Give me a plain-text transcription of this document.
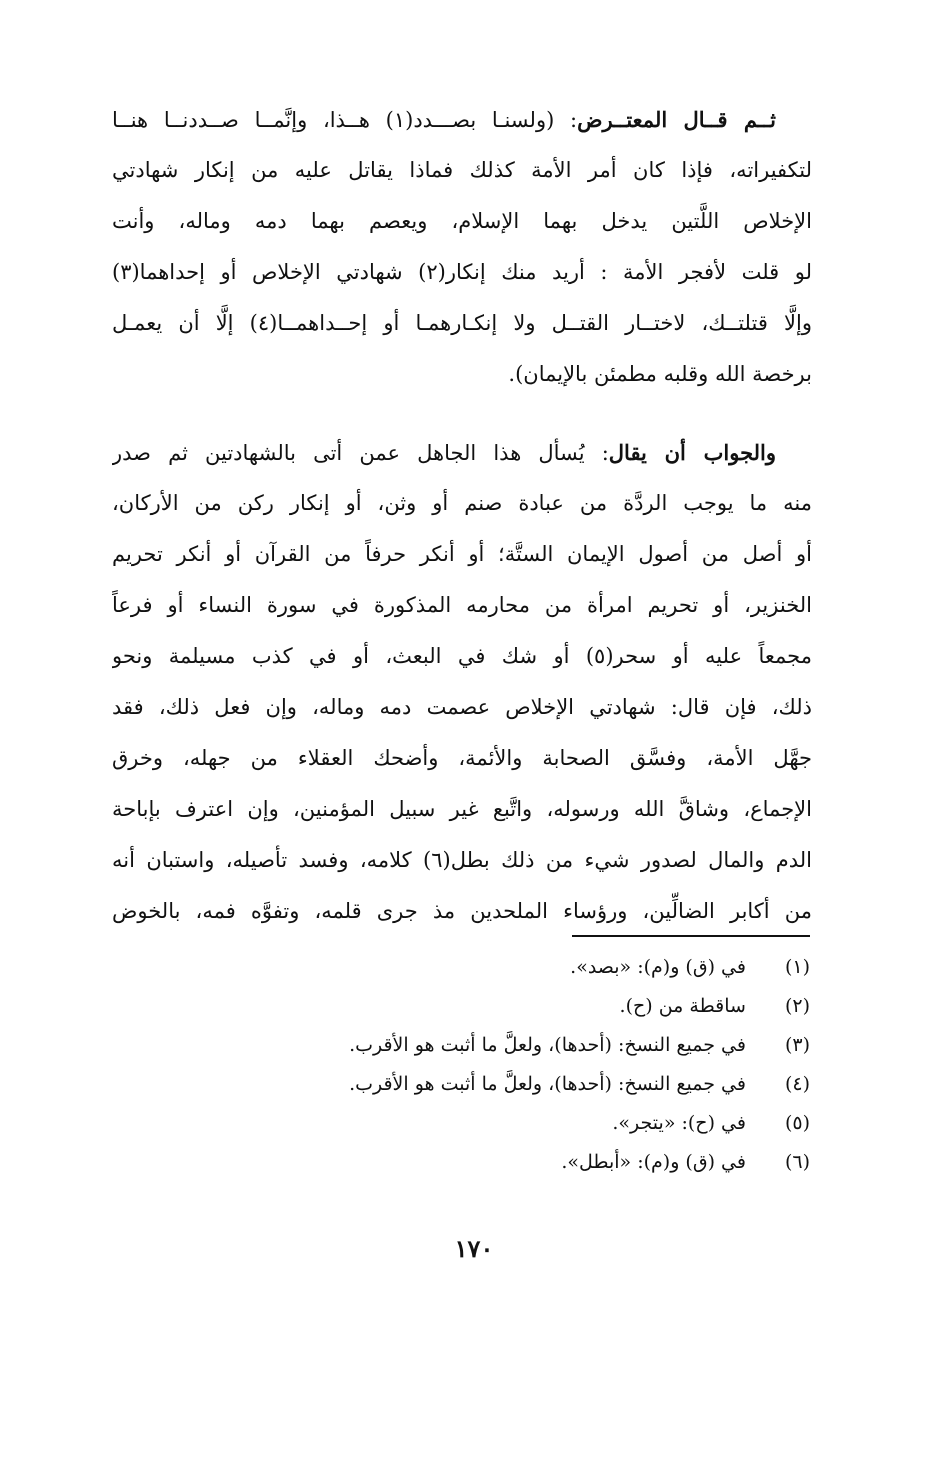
ثــم قــال المعتــرض: (ولسنـا بصـــدد(١) هــذا، وإنَّمــا صــددنــا هنــا
لتكفيراته، فإذا كان أمر الأمة كذلك فماذا يقاتل عليه من إنكار شهادتي
الإخلاص اللَّتين يدخل بهما الإسلام، ويعصم بهما دمه وماله، وأنت
لو قلت لأفجر الأمة : أريد منك إنكار(٢) شهادتي الإخلاص أو إحداهما(٣)
وإلَّا قتلتــك، لاختــار القتــل ولا إنكـارهمـا أو إحــداهمــا(٤) إلَّا أن يعمـل
برخصة الله وقلبه مطمئن بالإيمان).
والجواب أن يقال: يُسأل هذا الجاهل عمن أتى بالشهادتين ثم صدر
منه ما يوجب الردَّة من عبادة صنم أو وثن، أو إنكار ركن من الأركان،
أو أصل من أصول الإيمان الستَّة؛ أو أنكر حرفاً من القرآن أو أنكر تحريم
الخنزير، أو تحريم امرأة من محارمه المذكورة في سورة النساء أو فرعاً
مجمعاً عليه أو سحر(٥) أو شك في البعث، أو في كذب مسيلمة ونحو
ذلك، فإن قال: شهادتي الإخلاص عصمت دمه وماله، وإن فعل ذلك، فقد
جهَّل الأمة، وفسَّق الصحابة والأئمة، وأضحك العقلاء من جهله، وخرق
الإجماع، وشاقَّ الله ورسوله، واتَّبع غير سبيل المؤمنين، وإن اعترف بإباحة
الدم والمال لصدور شيء من ذلك بطل(٦) كلامه، وفسد تأصيله، واستبان أنه
من أكابر الضالِّين، ورؤساء الملحدين مذ جرى قلمه، وتفوَّه فمه، بالخوض
(١) في (ق) و(م): «بصد».
(٢) ساقطة من (ح).
(٣) في جميع النسخ: (أحدها)، ولعلَّ ما أثبت هو الأقرب.
(٤) في جميع النسخ: (أحدها)، ولعلَّ ما أثبت هو الأقرب.
(٥) في (ح): «يتجر».
(٦) في (ق) و(م): «أبطل».
١٧٠
